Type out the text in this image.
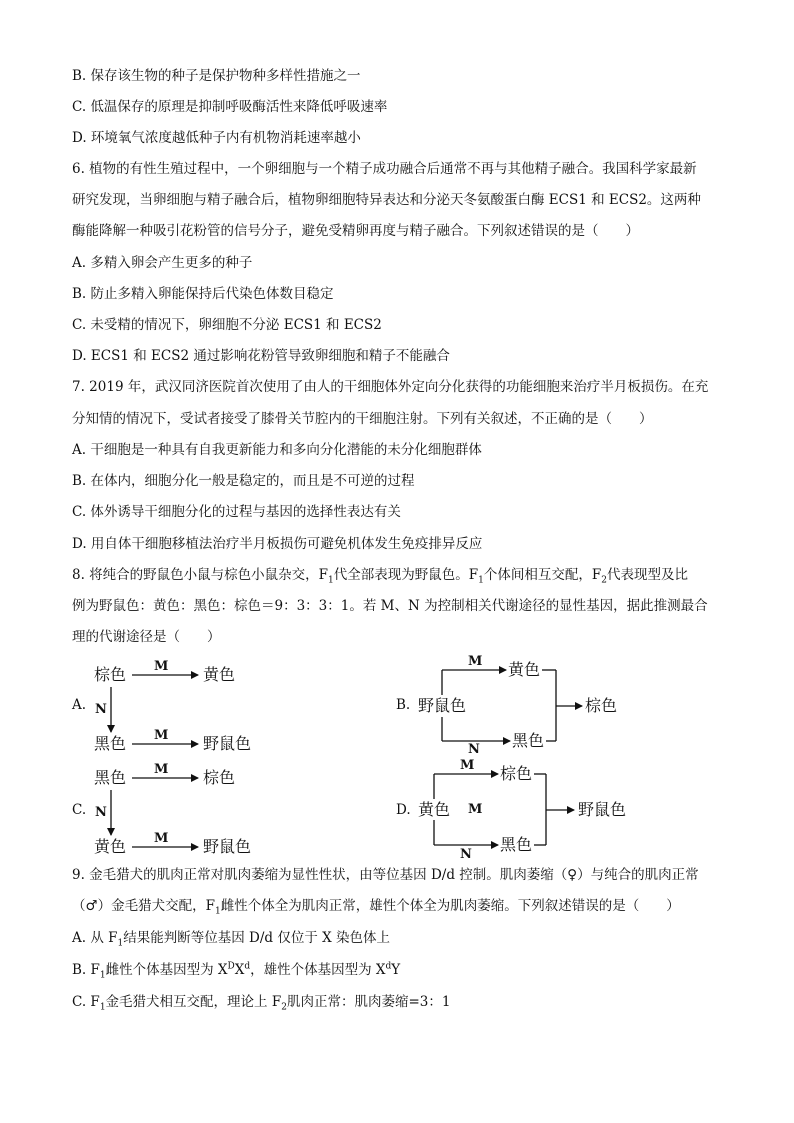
B. 保存该生物的种子是保护物种多样性措施之一
C. 低温保存的原理是抑制呼吸酶活性来降低呼吸速率
D. 环境氧气浓度越低种子内有机物消耗速率越小
6. 植物的有性生殖过程中，一个卵细胞与一个精子成功融合后通常不再与其他精子融合。我国科学家最新
研究发现，当卵细胞与精子融合后，植物卵细胞特异表达和分泌天冬氨酸蛋白酶 ECS1 和 ECS2。这两种
酶能降解一种吸引花粉管的信号分子，避免受精卵再度与精子融合。下列叙述错误的是（　　）
A. 多精入卵会产生更多的种子
B. 防止多精入卵能保持后代染色体数目稳定
C. 未受精的情况下，卵细胞不分泌 ECS1 和 ECS2
D. ECS1 和 ECS2 通过影响花粉管导致卵细胞和精子不能融合
7. 2019 年，武汉同济医院首次使用了由人的干细胞体外定向分化获得的功能细胞来治疗半月板损伤。在充
分知情的情况下，受试者接受了膝骨关节腔内的干细胞注射。下列有关叙述，不正确的是（　　）
A. 干细胞是一种具有自我更新能力和多向分化潜能的未分化细胞群体
B. 在体内，细胞分化一般是稳定的，而且是不可逆的过程
C. 体外诱导干细胞分化的过程与基因的选择性表达有关
D. 用自体干细胞移植法治疗半月板损伤可避免机体发生免疫排异反应
8. 将纯合的野鼠色小鼠与棕色小鼠杂交，$F_1$代全部表现为野鼠色。$F_1$个体间相互交配，$F_2$代表现型及比
例为野鼠色：黄色：黑色：棕色＝9：3：3：1。若 M、N 为控制相关代谢途径的显性基因，据此推测最合
理的代谢途径是（　　）
A.
棕色	黄色
M
N
黑色	野鼠色
M
B. 野鼠色
黄色
黑色
棕色
M
N
C.
黑色	棕色
M
N
黄色	野鼠色
M
D. 黄色 M
棕色
黑色
野鼠色
M
N
9. 金毛猎犬的肌肉正常对肌肉萎缩为显性性状，由等位基因 D/d 控制。肌肉萎缩（♀）与纯合的肌肉正常
（♂）金毛猎犬交配，$F_1$雌性个体全为肌肉正常，雄性个体全为肌肉萎缩。下列叙述错误的是（　　）
A. 从 $F_1$结果能判断等位基因 D/d 仅位于 X 染色体上
B. $F_1$雌性个体基因型为 $X^DX^d$，雄性个体基因型为 $X^dY$
C. $F_1$金毛猎犬相互交配，理论上 $F_2$肌肉正常：肌肉萎缩=3：1
